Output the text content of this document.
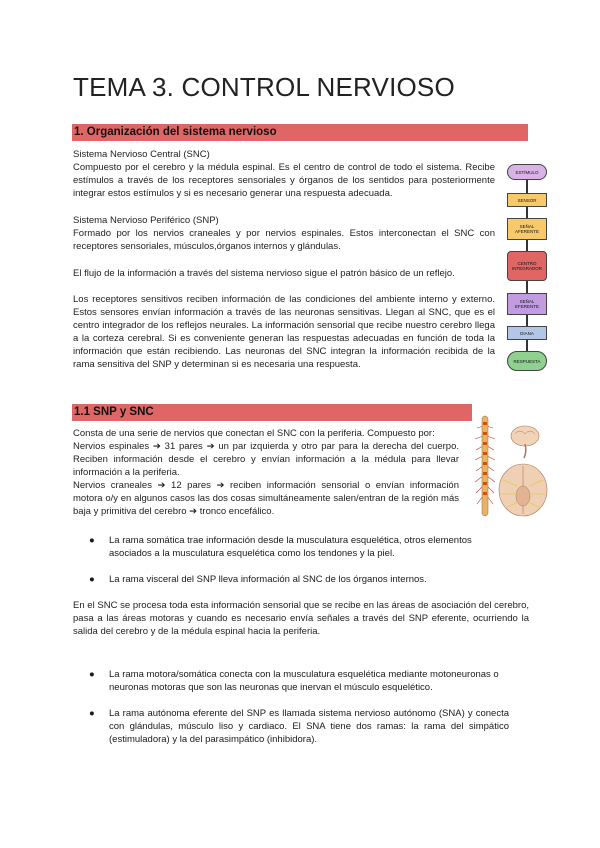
TEMA 3. CONTROL NERVIOSO
1. Organización del sistema nervioso

Sistema Nervioso Central (SNC)

Compuesto por el cerebro y la médula espinal. Es el centro de control de todo el sistema. Recibe estímulos a través de los receptores sensoriales y órganos de los sentidos para posteriormente integrar estos estímulos y si es necesario generar una respuesta adecuada.

Sistema Nervioso Periférico (SNP)

Formado por los nervios craneales y por nervios espinales. Estos interconectan el SNC con receptores sensoriales, músculos,órganos internos y glándulas.

El flujo de la información a través del sistema nervioso sigue el patrón básico de un reflejo.

Los receptores sensitivos reciben información de las condiciones del ambiente interno y externo. Estos sensores envían información a través de las neuronas sensitivas. Llegan al SNC, que es el centro integrador de los reflejos neurales. La información sensorial que recibe nuestro cerebro llega a la corteza cerebral. Si es conveniente generan las respuestas adecuadas en función de toda la información que están recibiendo. Las neuronas del SNC integran la información recibida de la rama sensitiva del SNP y determinan si es necesaria una respuesta.

ESTÍMULO
SENSOR
SEÑAL AFERENTE
CENTRO INTEGRADOR
SEÑAL EFERENTE
DIANA
RESPUESTA
1.1 SNP y SNC

Consta de una serie de nervios que conectan el SNC con la periferia. Compuesto por:

Nervios espinales ➔ 31 pares ➔ un par izquierda y otro par para la derecha del cuerpo. Reciben información desde el cerebro y envían información a la médula para llevar información a la periferia.

Nervios craneales ➔ 12 pares ➔ reciben información sensorial o envían información motora o/y en algunos casos las dos cosas simultáneamente salen/entran de la región más baja y primitiva del cerebro ➔ tronco encefálico.

● La rama somática trae información desde la musculatura esquelética, otros elementos asociados a la musculatura esquelética como los tendones y la piel.
● La rama visceral del SNP lleva información al SNC de los órganos internos.

En el SNC se procesa toda esta información sensorial que se recibe en las áreas de asociación del cerebro, pasa a las áreas motoras y cuando es necesario envía señales a través del SNP eferente, ocurriendo la salida del cerebro y de la médula espinal hacia la periferia.

● La rama motora/somática conecta con la musculatura esquelética mediante motoneuronas o neuronas motoras que son las neuronas que inervan el músculo esquelético.
● La rama autónoma eferente del SNP es llamada sistema nervioso autónomo (SNA) y conecta con glándulas, músculo liso y cardiaco. El SNA tiene dos ramas: la rama del simpático (estimuladora) y la del parasimpático (inhibidora).
